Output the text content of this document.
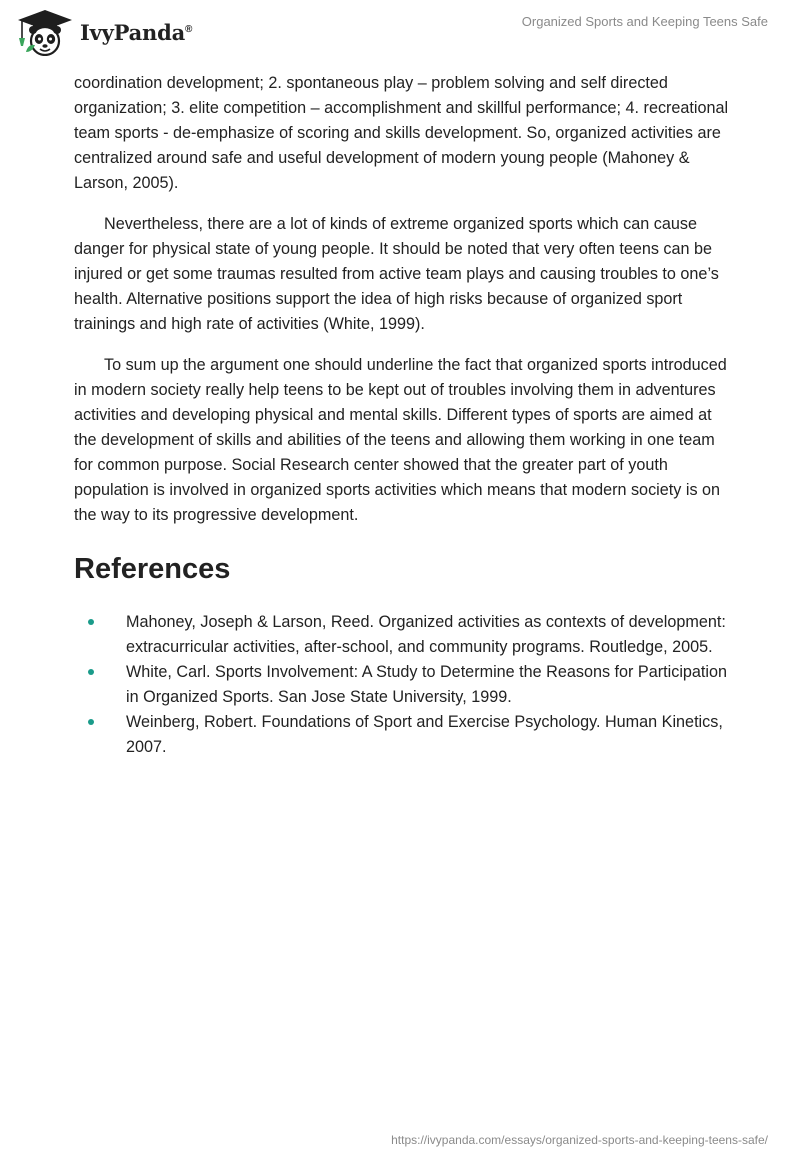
IvyPanda®	Organized Sports and Keeping Teens Safe

coordination development; 2. spontaneous play – problem solving and self directed organization; 3. elite competition – accomplishment and skillful performance; 4. recreational team sports - de-emphasize of scoring and skills development. So, organized activities are centralized around safe and useful development of modern young people (Mahoney & Larson, 2005).

Nevertheless, there are a lot of kinds of extreme organized sports which can cause danger for physical state of young people. It should be noted that very often teens can be injured or get some traumas resulted from active team plays and causing troubles to one’s health. Alternative positions support the idea of high risks because of organized sport trainings and high rate of activities (White, 1999).

To sum up the argument one should underline the fact that organized sports introduced in modern society really help teens to be kept out of troubles involving them in adventures activities and developing physical and mental skills. Different types of sports are aimed at the development of skills and abilities of the teens and allowing them working in one team for common purpose. Social Research center showed that the greater part of youth population is involved in organized sports activities which means that modern society is on the way to its progressive development.

References
Mahoney, Joseph & Larson, Reed. Organized activities as contexts of development: extracurricular activities, after-school, and community programs. Routledge, 2005.
White, Carl. Sports Involvement: A Study to Determine the Reasons for Participation in Organized Sports. San Jose State University, 1999.
Weinberg, Robert. Foundations of Sport and Exercise Psychology. Human Kinetics, 2007.
https://ivypanda.com/essays/organized-sports-and-keeping-teens-safe/
